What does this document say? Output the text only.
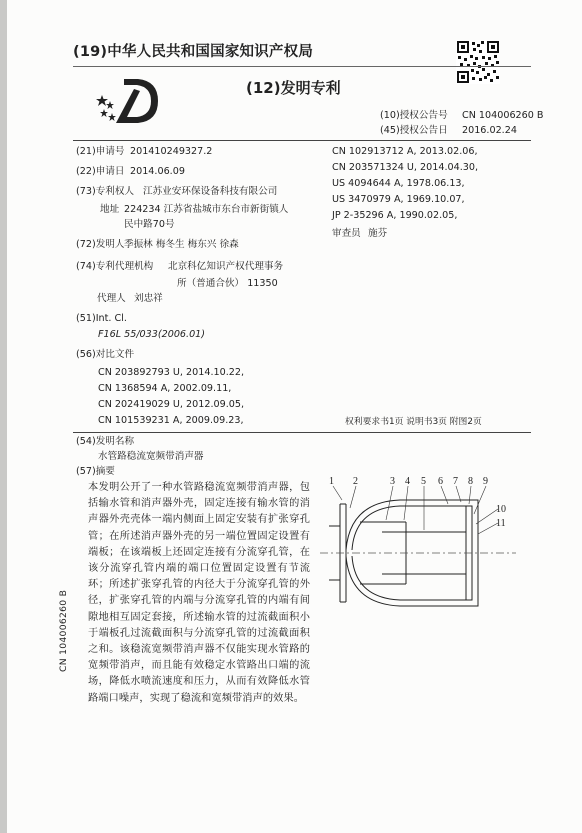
(19)中华人民共和国国家知识产权局
(12)发明专利
(10)授权公告号 CN 104006260 B
(45)授权公告日 2016.02.24
(21)申请号 201410249327.2
(22)申请日 2014.06.09
(73)专利权人 江苏业安环保设备科技有限公司
地址 224234 江苏省盐城市东台市新街镇人
民中路70号
(72)发明人 季振林 梅冬生 梅东兴 徐森
(74)专利代理机构 北京科亿知识产权代理事务
所（普通合伙） 11350
代理人 刘忠祥
(51)Int. Cl.
F16L 55/033(2006.01)
(56)对比文件
CN 203892793 U, 2014.10.22,
CN 1368594 A, 2002.09.11,
CN 202419029 U, 2012.09.05,
CN 101539231 A, 2009.09.23,
CN 102913712 A, 2013.02.06,
CN 203571324 U, 2014.04.30,
US 4094644 A, 1978.06.13,
US 3470979 A, 1969.10.07,
JP 2-35296 A, 1990.02.05,
审查员 施芬
权利要求书1页 说明书3页 附图2页
(54)发明名称
水管路稳流宽频带消声器
(57)摘要
本发明公开了一种水管路稳流宽频带消声器，包括输水管和消声器外壳，固定连接有输水管的消声器外壳壳体一端内侧面上固定安装有扩张穿孔管；在所述消声器外壳的另一端位置固定设置有端板；在该端板上还固定连接有分流穿孔管，在该分流穿孔管内端的端口位置固定设置有节流环；所述扩张穿孔管的内径大于分流穿孔管的外径，扩张穿孔管的内端与分流穿孔管的内端有间隙地相互固定套接，所述输水管的过流截面积小于端板孔过流截面积与分流穿孔管的过流截面积之和。该稳流宽频带消声器不仅能实现水管路的宽频带消声，而且能有效稳定水管路出口端的流场，降低水喷流速度和压力，从而有效降低水管路端口噪声，实现了稳流和宽频带消声的效果。
1 2	3 4 5 6 7 8 9
10
11
CN 104006260 B
